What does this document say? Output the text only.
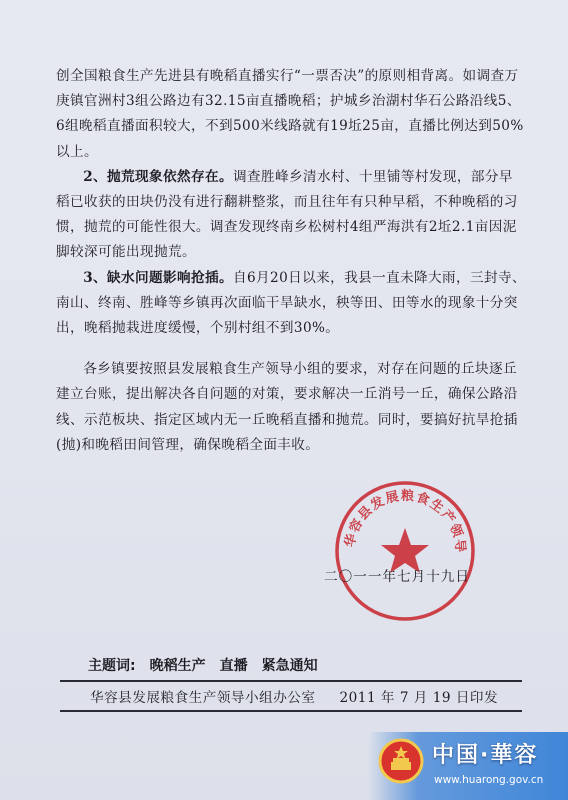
创全国粮食生产先进县有晚稻直播实行“一票否决”的原则相背离。如调查万庚镇官洲村3组公路边有32.15亩直播晚稻；护城乡治湖村华石公路沿线5、6组晚稻直播面积较大，不到500米线路就有19坵25亩，直播比例达到50%以上。

2、抛荒现象依然存在。调查胜峰乡清水村、十里铺等村发现，部分早稻已收获的田块仍没有进行翻耕整浆，而且往年有只种早稻，不种晚稻的习惯，抛荒的可能性很大。调查发现终南乡松树村4组严海洪有2坵2.1亩因泥脚较深可能出现抛荒。

3、缺水问题影响抢插。自6月20日以来，我县一直未降大雨，三封寺、南山、终南、胜峰等乡镇再次面临干旱缺水，秧等田、田等水的现象十分突出，晚稻抛栽进度缓慢，个别村组不到30%。

各乡镇要按照县发展粮食生产领导小组的要求，对存在问题的丘块逐丘建立台账，提出解决各自问题的对策，要求解决一丘消号一丘，确保公路沿线、示范板块、指定区域内无一丘晚稻直播和抛荒。同时，要搞好抗旱抢插(抛)和晚稻田间管理，确保晚稻全面丰收。

华容县发展粮食生产领导
二〇一一年七月十九日
主题词: 晚稻生产 直播 紧急通知
华容县发展粮食生产领导小组办公室 2011 年 7 月 19 日印发
中国·華容
www.huarong.gov.cn
